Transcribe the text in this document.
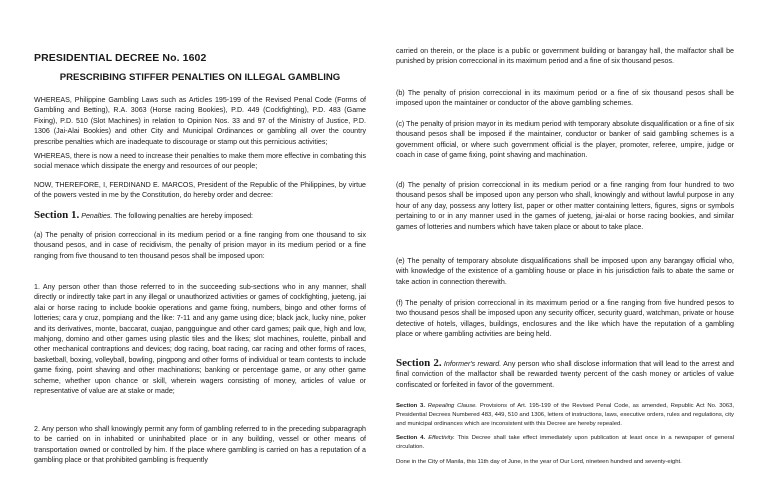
PRESIDENTIAL DECREE No. 1602
PRESCRIBING STIFFER PENALTIES ON ILLEGAL GAMBLING

WHEREAS, Philippine Gambling Laws such as Articles 195-199 of the Revised Penal Code (Forms of Gambling and Betting), R.A. 3063 (Horse racing Bookies), P.D. 449 (Cockfighting), P.D. 483 (Game Fixing), P.D. 510 (Slot Machines) in relation to Opinion Nos. 33 and 97 of the Ministry of Justice, P.D. 1306 (Jai-Alai Bookies) and other City and Municipal Ordinances or gambling all over the country prescribe penalties which are inadequate to discourage or stamp out this pernicious activities;

WHEREAS, there is now a need to increase their penalties to make them more effective in combating this social menace which dissipate the energy and resources of our people;

NOW, THEREFORE, I, FERDINAND E. MARCOS, President of the Republic of the Philippines, by virtue of the powers vested in me by the Constitution, do hereby order and decree:

Section 1. Penalties. The following penalties are hereby imposed:

(a) The penalty of prision correccional in its medium period or a fine ranging from one thousand to six thousand pesos, and in case of recidivism, the penalty of prision mayor in its medium period or a fine ranging from five thousand to ten thousand pesos shall be imposed upon:

1. Any person other than those referred to in the succeeding sub-sections who in any manner, shall directly or indirectly take part in any illegal or unauthorized activities or games of cockfighting, jueteng, jai alai or horse racing to include bookie operations and game fixing, numbers, bingo and other forms of lotteries; cara y cruz, pompiang and the like: 7-11 and any game using dice; black jack, lucky nine, poker and its derivatives, monte, baccarat, cuajao, pangguingue and other card games; paik que, high and low, mahjong, domino and other games using plastic tiles and the likes; slot machines, roulette, pinball and other mechanical contraptions and devices; dog racing, boat racing, car racing and other forms of races, basketball, boxing, volleyball, bowling, pingpong and other forms of individual or team contests to include game fixing, point shaving and other machinations; banking or percentage game, or any other game scheme, whether upon chance or skill, wherein wagers consisting of money, articles of value or representative of value are at stake or made;

2. Any person who shall knowingly permit any form of gambling referred to in the preceding subparagraph to be carried on in inhabited or uninhabited place or in any building, vessel or other means of transportation owned or controlled by him. If the place where gambling is carried on has a reputation of a gambling place or that prohibited gambling is frequently

carried on therein, or the place is a public or government building or barangay hall, the malfactor shall be punished by prision correccional in its maximum period and a fine of six thousand pesos.

(b) The penalty of prision correccional in its maximum period or a fine of six thousand pesos shall be imposed upon the maintainer or conductor of the above gambling schemes.

(c) The penalty of prision mayor in its medium period with temporary absolute disqualification or a fine of six thousand pesos shall be imposed if the maintainer, conductor or banker of said gambling schemes is a government official, or where such government official is the player, promoter, referee, umpire, judge or coach in case of game fixing, point shaving and machination.

(d) The penalty of prision correccional in its medium period or a fine ranging from four hundred to two thousand pesos shall be imposed upon any person who shall, knowingly and without lawful purpose in any hour of any day, possess any lottery list, paper or other matter containing letters, figures, signs or symbols pertaining to or in any manner used in the games of jueteng, jai-alai or horse racing bookies, and similar games of lotteries and numbers which have taken place or about to take place.

(e) The penalty of temporary absolute disqualifications shall be imposed upon any barangay official who, with knowledge of the existence of a gambling house or place in his jurisdiction fails to abate the same or take action in connection therewith.

(f) The penalty of prision correccional in its maximum period or a fine ranging from five hundred pesos to two thousand pesos shall be imposed upon any security officer, security guard, watchman, private or house detective of hotels, villages, buildings, enclosures and the like which have the reputation of a gambling place or where gambling activities are being held.

Section 2. Informer's reward. Any person who shall disclose information that will lead to the arrest and final conviction of the malfactor shall be rewarded twenty percent of the cash money or articles of value confiscated or forfeited in favor of the government.

Section 3. Repealing Clause. Provisions of Art. 195-199 of the Revised Penal Code, as amended, Republic Act No. 3063, Presidential Decrees Numbered 483, 449, 510 and 1306, letters of instructions, laws, executive orders, rules and regulations, city and municipal ordinances which are inconsistent with this Decree are hereby repealed.

Section 4. Effectivity. This Decree shall take effect immediately upon publication at least once in a newspaper of general circulation.

Done in the City of Manila, this 11th day of June, in the year of Our Lord, nineteen hundred and seventy-eight.
